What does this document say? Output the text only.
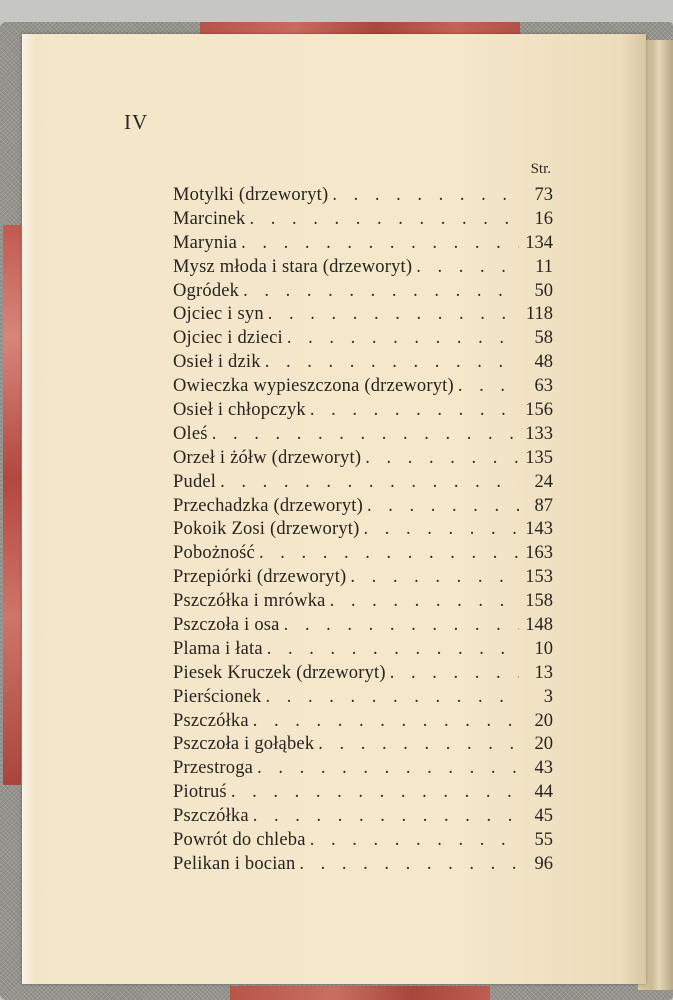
IV
Str.
Motylki (drzeworyt) . . .	73
Marcinek . . .	16
Marynia . . .	134
Mysz młoda i stara (drzeworyt) . . .	11
Ogródek . . .	50
Ojciec i syn . . .	118
Ojciec i dzieci . . .	58
Osieł i dzik . . .	48
Owieczka wypieszczona (drzeworyt) . . .	63
Osieł i chłopczyk . . .	156
Oleś . . .	133
Orzeł i żółw (drzeworyt) . . .	135
Pudel . . .	24
Przechadzka (drzeworyt) . . .	87
Pokoik Zosi (drzeworyt) . . .	143
Pobożność . . .	163
Przepiórki (drzeworyt) . . .	153
Pszczółka i mrówka . . .	158
Pszczoła i osa . . .	148
Plama i łata . . .	10
Piesek Kruczek (drzeworyt) . . .	13
Pierścionek . . .	3
Pszczółka . . .	20
Pszczoła i gołąbek . . .	20
Przestroga . . .	43
Piotruś . . .	44
Pszczółka . . .	45
Powrót do chleba . . .	55
Pelikan i bocian . . .	96
